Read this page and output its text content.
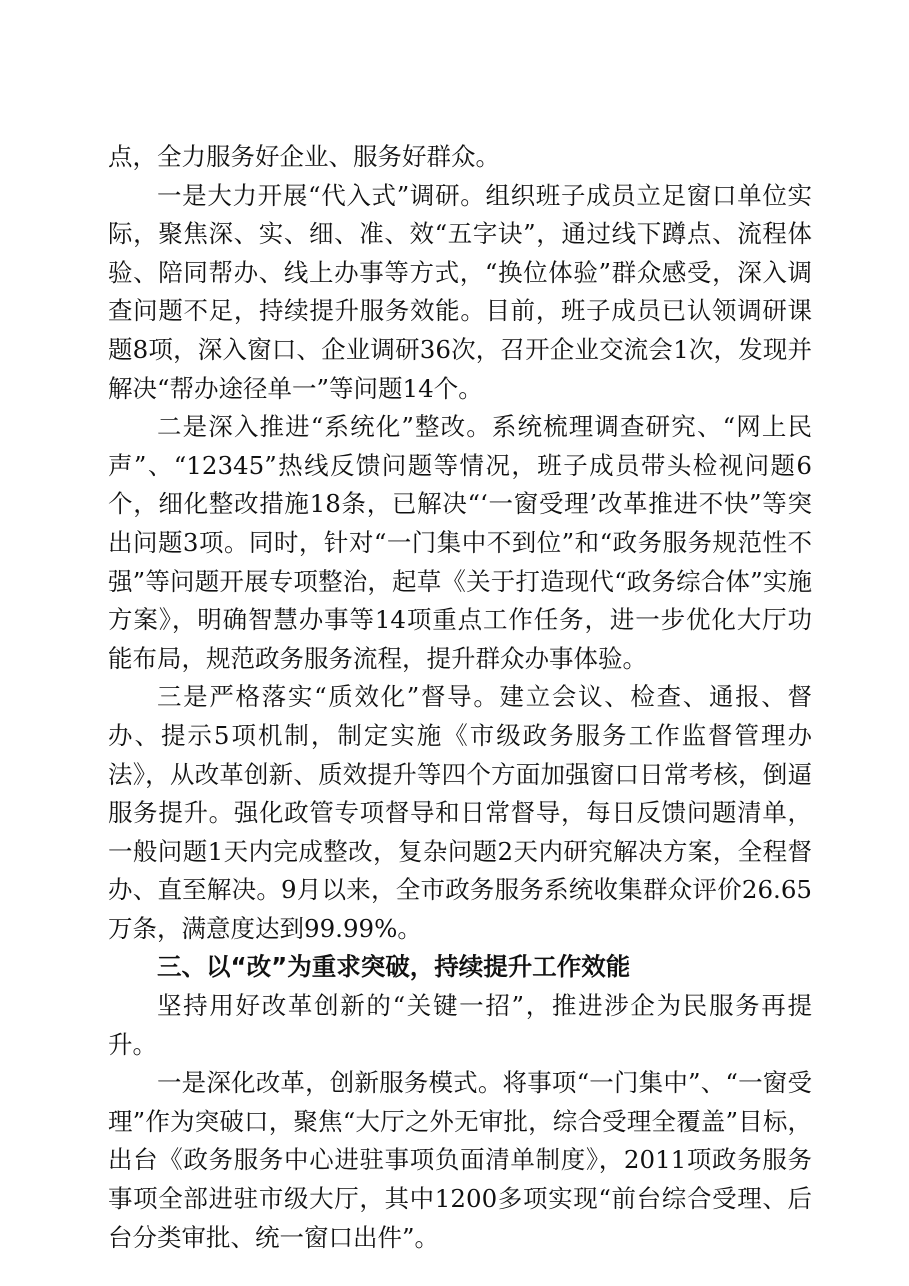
点，全力服务好企业、服务好群众。

一是大力开展“代入式”调研。组织班子成员立足窗口单位实际，聚焦深、实、细、准、效“五字诀”，通过线下蹲点、流程体验、陪同帮办、线上办事等方式，“换位体验”群众感受，深入调查问题不足，持续提升服务效能。目前，班子成员已认领调研课题8项，深入窗口、企业调研36次，召开企业交流会1次，发现并解决“帮办途径单一”等问题14个。

二是深入推进“系统化”整改。系统梳理调查研究、“网上民声”、“12345”热线反馈问题等情况，班子成员带头检视问题6个，细化整改措施18条，已解决“‘一窗受理’改革推进不快”等突出问题3项。同时，针对“一门集中不到位”和“政务服务规范性不强”等问题开展专项整治，起草《关于打造现代“政务综合体”实施方案》，明确智慧办事等14项重点工作任务，进一步优化大厅功能布局，规范政务服务流程，提升群众办事体验。

三是严格落实“质效化”督导。建立会议、检查、通报、督办、提示5项机制，制定实施《市级政务服务工作监督管理办法》，从改革创新、质效提升等四个方面加强窗口日常考核，倒逼服务提升。强化政管专项督导和日常督导，每日反馈问题清单，一般问题1天内完成整改，复杂问题2天内研究解决方案，全程督办、直至解决。9月以来，全市政务服务系统收集群众评价26.65万条，满意度达到99.99%。

三、以“改”为重求突破，持续提升工作效能

坚持用好改革创新的“关键一招”，推进涉企为民服务再提升。

一是深化改革，创新服务模式。将事项“一门集中”、“一窗受理”作为突破口，聚焦“大厅之外无审批，综合受理全覆盖”目标，出台《政务服务中心进驻事项负面清单制度》，2011项政务服务事项全部进驻市级大厅，其中1200多项实现“前台综合受理、后台分类审批、统一窗口出件”。
